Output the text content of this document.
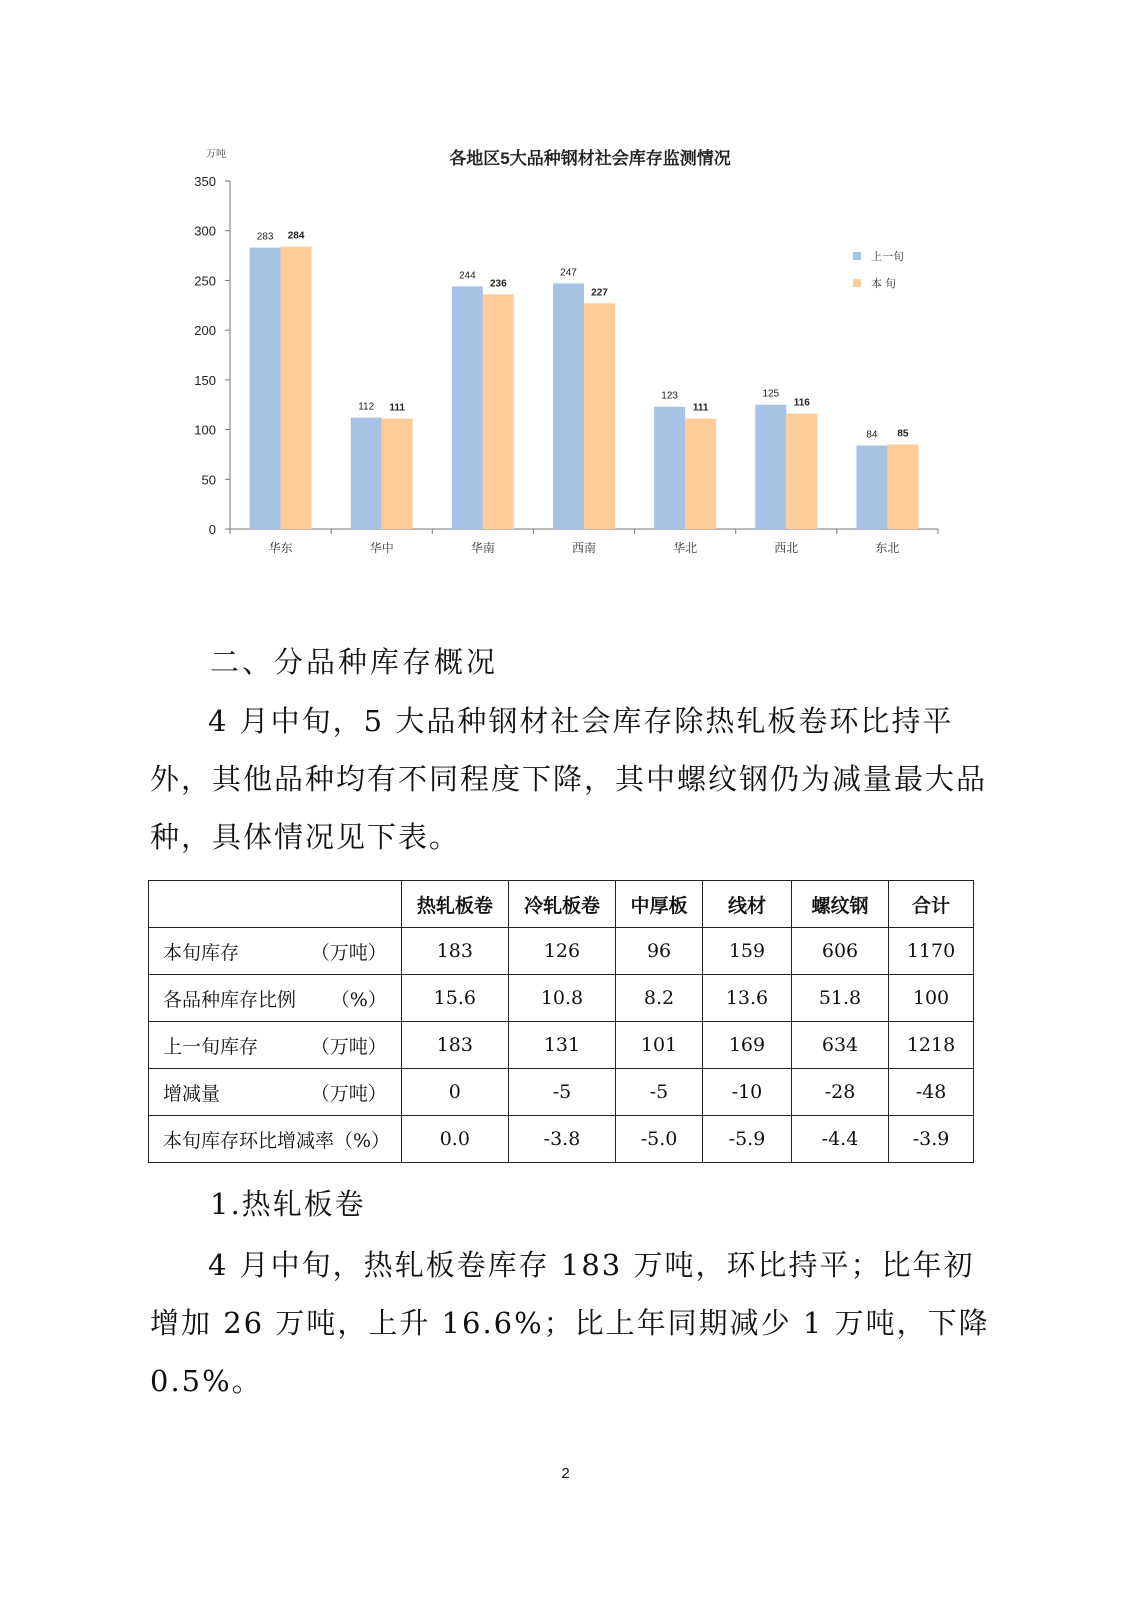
各地区5大品种钢材社会库存监测情况
万吨
0
50
100
150
200
250
300
350
283 284
华东
112 111
华中
244
236
华南
247
227
西南
123
111
华北
125
116
西北
84 85
东北
上一旬
本 旬
二、分品种库存概况
4 月中旬，5 大品种钢材社会库存除热轧板卷环比持平外，其他品种均有不同程度下降，其中螺纹钢仍为减量最大品种，具体情况见下表。
	热轧板卷	冷轧板卷	中厚板	线材	螺纹钢	合计
本旬库存 （万吨）	183	126	96	159	606	1170
各品种库存比例 （%）	15.6	10.8	8.2	13.6	51.8	100
上一旬库存 （万吨）	183	131	101	169	634	1218
增减量 （万吨）	0	-5	-5	-10	-28	-48
本旬库存环比增减率（%）	0.0	-3.8	-5.0	-5.9	-4.4	-3.9
1.热轧板卷
4 月中旬，热轧板卷库存 183 万吨，环比持平；比年初增加 26 万吨，上升 16.6%；比上年同期减少 1 万吨，下降 0.5%。
2
